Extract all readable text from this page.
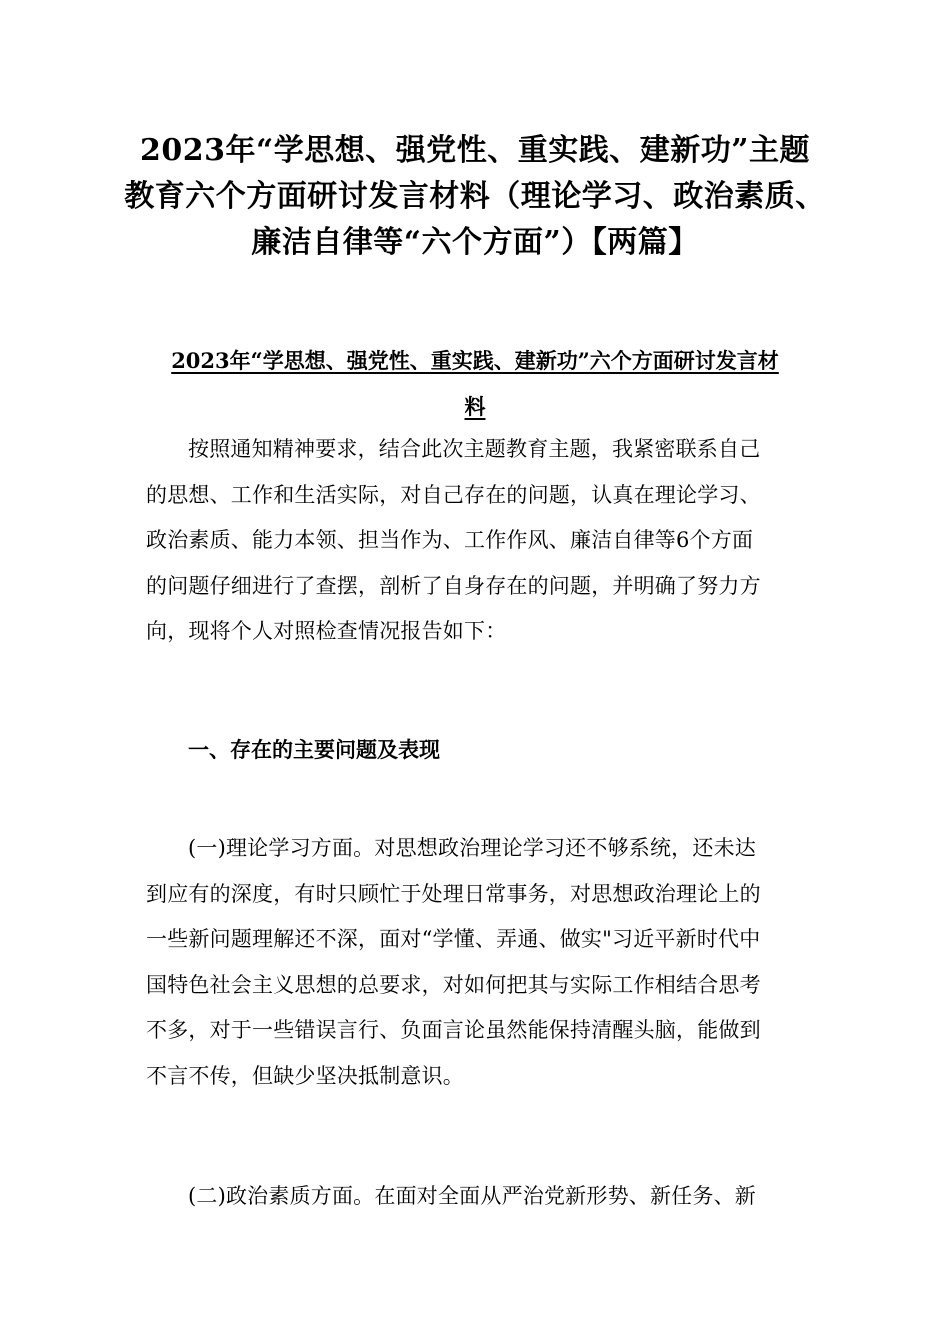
2023年“学思想、强党性、重实践、建新功”主题
教育六个方面研讨发言材料（理论学习、政治素质、
廉洁自律等“六个方面”）【两篇】
2023年“学思想、强党性、重实践、建新功”六个方面研讨发言材
料
按照通知精神要求，结合此次主题教育主题，我紧密联系自己
的思想、工作和生活实际，对自己存在的问题，认真在理论学习、
政治素质、能力本领、担当作为、工作作风、廉洁自律等6个方面
的问题仔细进行了查摆，剖析了自身存在的问题，并明确了努力方
向，现将个人对照检查情况报告如下：
一、存在的主要问题及表现
(一)理论学习方面。对思想政治理论学习还不够系统，还未达
到应有的深度，有时只顾忙于处理日常事务，对思想政治理论上的
一些新问题理解还不深，面对“学懂、弄通、做实"习近平新时代中
国特色社会主义思想的总要求，对如何把其与实际工作相结合思考
不多，对于一些错误言行、负面言论虽然能保持清醒头脑，能做到
不言不传，但缺少坚决抵制意识。
(二)政治素质方面。在面对全面从严治党新形势、新任务、新
